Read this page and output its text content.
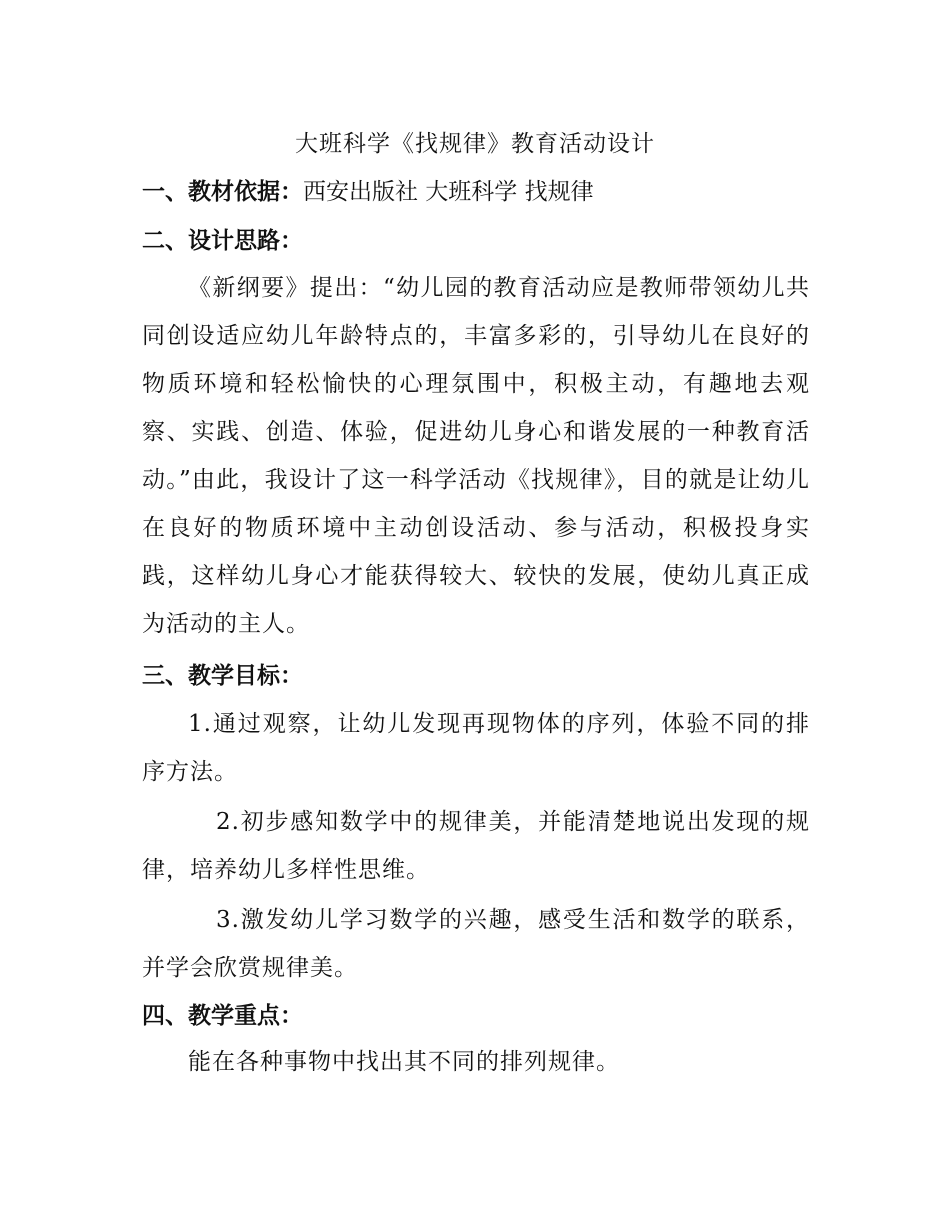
大班科学《找规律》教育活动设计
一、教材依据：西安出版社 大班科学 找规律
二、设计思路：
《新纲要》提出：“幼儿园的教育活动应是教师带领幼儿共同创设适应幼儿年龄特点的，丰富多彩的，引导幼儿在良好的物质环境和轻松愉快的心理氛围中，积极主动，有趣地去观察、实践、创造、体验，促进幼儿身心和谐发展的一种教育活动。”由此，我设计了这一科学活动《找规律》，目的就是让幼儿在良好的物质环境中主动创设活动、参与活动，积极投身实践，这样幼儿身心才能获得较大、较快的发展，使幼儿真正成为活动的主人。
三、教学目标：
1.通过观察，让幼儿发现再现物体的序列，体验不同的排序方法。
2.初步感知数学中的规律美，并能清楚地说出发现的规律，培养幼儿多样性思维。
3.激发幼儿学习数学的兴趣，感受生活和数学的联系，并学会欣赏规律美。
四、教学重点：
能在各种事物中找出其不同的排列规律。
